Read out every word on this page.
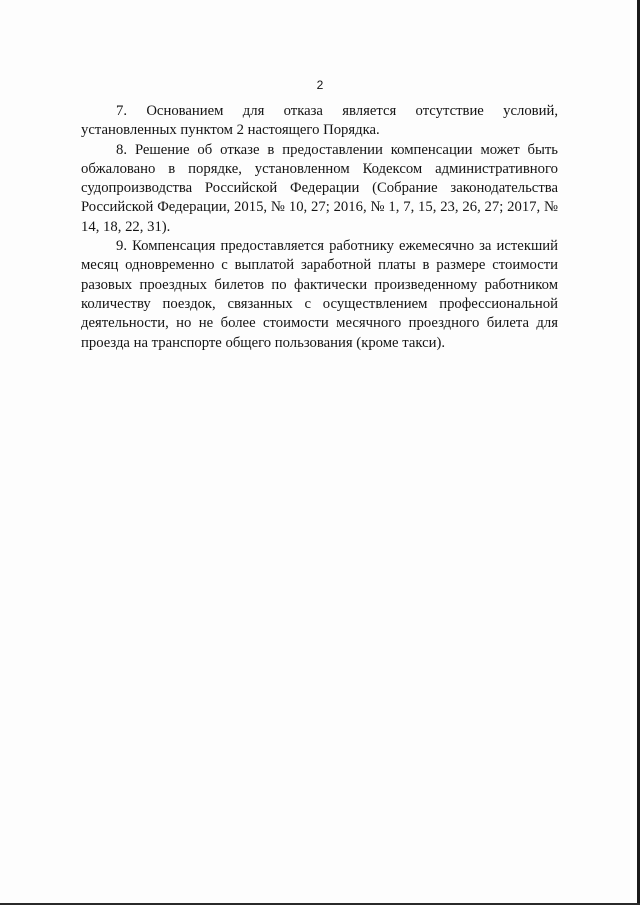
2

7. Основанием для отказа является отсутствие условий, установленных пунктом 2 настоящего Порядка.

8. Решение об отказе в предоставлении компенсации может быть обжаловано в порядке, установленном Кодексом административного судопроизводства Российской Федерации (Собрание законодательства Российской Федерации, 2015, № 10, 27; 2016, № 1, 7, 15, 23, 26, 27; 2017, № 14, 18, 22, 31).

9. Компенсация предоставляется работнику ежемесячно за истекший месяц одновременно с выплатой заработной платы в размере стоимости разовых проездных билетов по фактически произведенному работником количеству поездок, связанных с осуществлением профессиональной деятельности, но не более стоимости месячного проездного билета для проезда на транспорте общего пользования (кроме такси).
